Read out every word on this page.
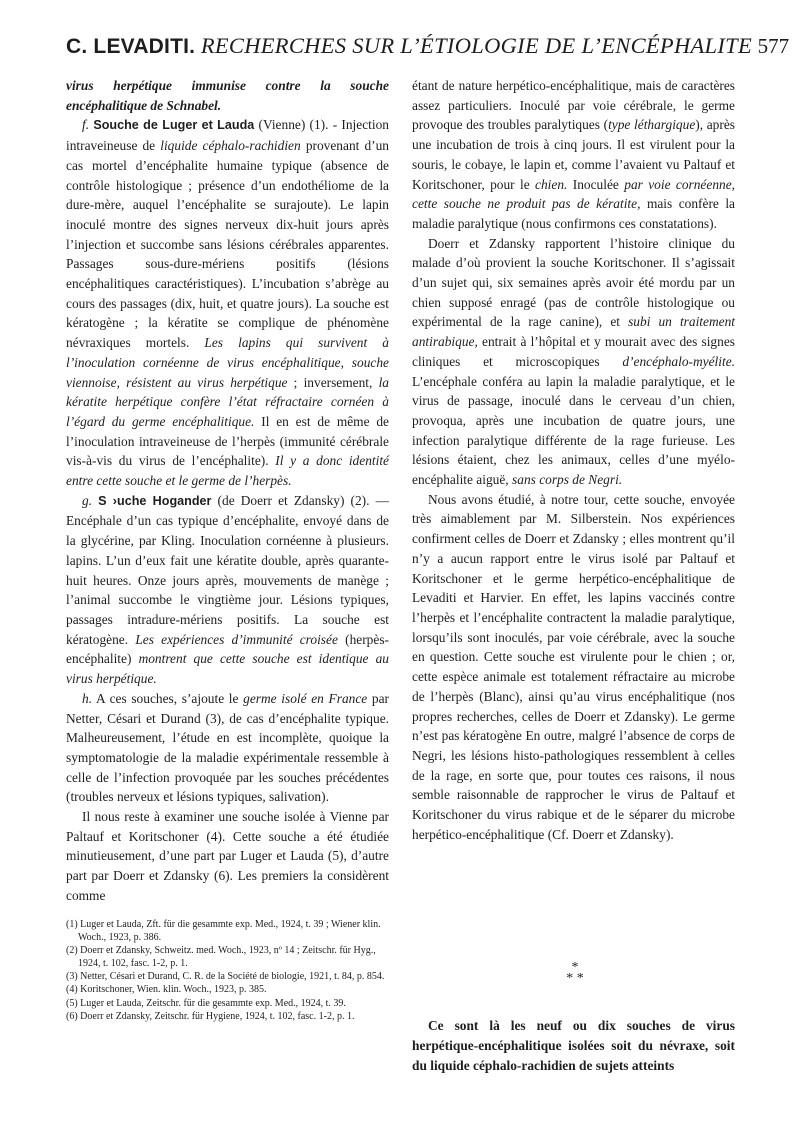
C. LEVADITI. RECHERCHES SUR L’ÉTIOLOGIE DE L’ENCÉPHALITE 577

virus herpétique immunise contre la souche encéphalitique de Schnabel.

f. Souche de Luger et Lauda (Vienne) (1). - Injection intraveineuse de liquide céphalo-rachidien provenant d’un cas mortel d’encéphalite humaine typique (absence de contrôle histologique ; présence d’un endothéliome de la dure-mère, auquel l’encéphalite se surajoute). Le lapin inoculé montre des signes nerveux dix-huit jours après l’injection et succombe sans lésions cérébrales apparentes. Passages sous-dure-mériens positifs (lésions encéphalitiques caractéristiques). L’incubation s’abrège au cours des passages (dix, huit, et quatre jours). La souche est kératogène ; la kératite se complique de phénomène névraxiques mortels. Les lapins qui survivent à l’inoculation cornéenne de virus encéphalitique, souche viennoise, résistent au virus herpétique ; inversement, la kératite herpétique confère l’état réfractaire cornéen à l’égard du germe encéphalitique. Il en est de même de l’inoculation intraveineuse de l’herpès (immunité cérébrale vis-à-vis du virus de l’encéphalite). Il y a donc identité entre cette souche et le germe de l’herpès.

g. S ›uche Hogander (de Doerr et Zdansky) (2). — Encéphale d’un cas typique d’encéphalite, envoyé dans de la glycérine, par Kling. Inoculation cornéenne à plusieurs. lapins. L’un d’eux fait une kératite double, après quarante-huit heures. Onze jours après, mouvements de manège ; l’animal succombe le vingtième jour. Lésions typiques, passages intradure-mériens positifs. La souche est kératogène. Les expériences d’immunité croisée (herpès-encéphalite) montrent que cette souche est identique au virus herpétique.

h. A ces souches, s’ajoute le germe isolé en France par Netter, Césari et Durand (3), de cas d’encéphalite typique. Malheureusement, l’étude en est incomplète, quoique la symptomatologie de la maladie expérimentale ressemble à celle de l’infection provoquée par les souches précédentes (troubles nerveux et lésions typiques, salivation).

Il nous reste à examiner une souche isolée à Vienne par Paltauf et Koritschoner (4). Cette souche a été étudiée minutieusement, d’une part par Luger et Lauda (5), d’autre part par Doerr et Zdansky (6). Les premiers la considèrent comme

(1) Luger et Lauda, Zft. für die gesammte exp. Med., 1924, t. 39 ; Wiener klin. Woch., 1923, p. 386.

(2) Doerr et Zdansky, Schweitz. med. Woch., 1923, nº 14 ; Zeitschr. für Hyg., 1924, t. 102, fasc. 1-2, p. 1.

(3) Netter, Césari et Durand, C. R. de la Société de biologie, 1921, t. 84, p. 854.

(4) Koritschoner, Wien. klin. Woch., 1923, p. 385.

(5) Luger et Lauda, Zeitschr. für die gesammte exp. Med., 1924, t. 39.

(6) Doerr et Zdansky, Zeitschr. für Hygiene, 1924, t. 102, fasc. 1-2, p. 1.

étant de nature herpético-encéphalitique, mais de caractères assez particuliers. Inoculé par voie cérébrale, le germe provoque des troubles paralytiques (type léthargique), après une incubation de trois à cinq jours. Il est virulent pour la souris, le cobaye, le lapin et, comme l’avaient vu Paltauf et Koritschoner, pour le chien. Inoculée par voie cornéenne, cette souche ne produit pas de kératite, mais confère la maladie paralytique (nous confirmons ces constatations).

Doerr et Zdansky rapportent l’histoire clinique du malade d’où provient la souche Koritschoner. Il s’agissait d’un sujet qui, six semaines après avoir été mordu par un chien supposé enragé (pas de contrôle histologique ou expérimental de la rage canine), et subi un traitement antirabique, entrait à l’hôpital et y mourait avec des signes cliniques et microscopiques d’encéphalo-myélite. L’encéphale conféra au lapin la maladie paralytique, et le virus de passage, inoculé dans le cerveau d’un chien, provoqua, après une incubation de quatre jours, une infection paralytique différente de la rage furieuse. Les lésions étaient, chez les animaux, celles d’une myélo-encéphalite aiguë, sans corps de Negri.

Nous avons étudié, à notre tour, cette souche, envoyée très aimablement par M. Silberstein. Nos expériences confirment celles de Doerr et Zdansky ; elles montrent qu’il n’y a aucun rapport entre le virus isolé par Paltauf et Koritschoner et le germe herpético-encéphalitique de Levaditi et Harvier. En effet, les lapins vaccinés contre l’herpès et l’encéphalite contractent la maladie paralytique, lorsqu’ils sont inoculés, par voie cérébrale, avec la souche en question. Cette souche est virulente pour le chien ; or, cette espèce animale est totalement réfractaire au microbe de l’herpès (Blanc), ainsi qu’au virus encéphalitique (nos propres recherches, celles de Doerr et Zdansky). Le germe n’est pas kératogène En outre, malgré l’absence de corps de Negri, les lésions histo-pathologiques ressemblent à celles de la rage, en sorte que, pour toutes ces raisons, il nous semble raisonnable de rapprocher le virus de Paltauf et Koritschoner du virus rabique et de le séparer du microbe herpético-encéphalitique (Cf. Doerr et Zdansky).

*
* *

Ce sont là les neuf ou dix souches de virus herpétique-encéphalitique isolées soit du névraxe, soit du liquide céphalo-rachidien de sujets atteints
